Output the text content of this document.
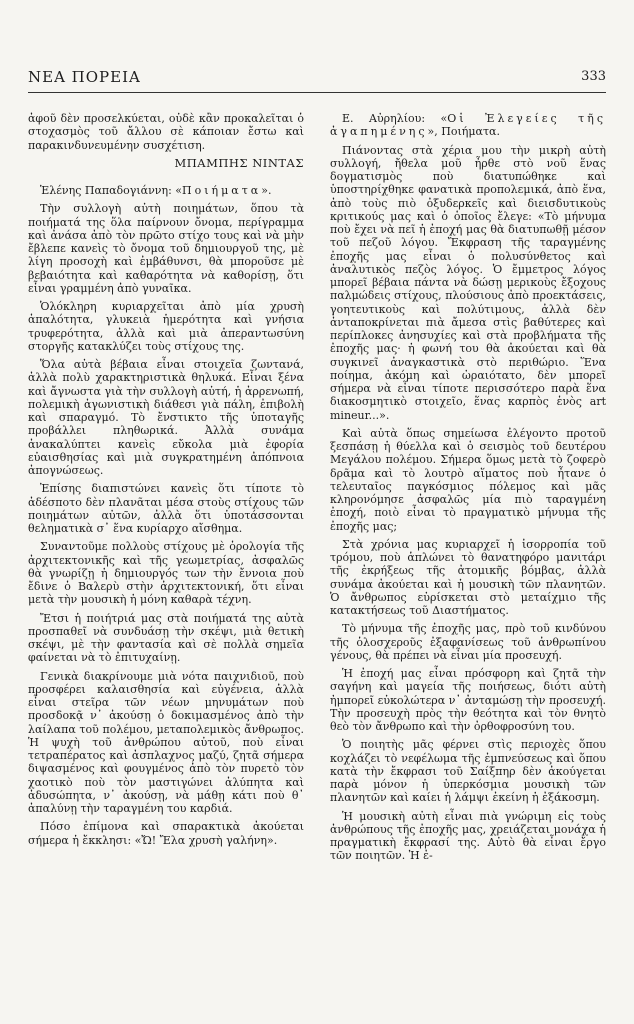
ΝΕΑ ΠΟΡΕΙΑ	333

ἀφοῦ δὲν προσελκύεται, οὐδὲ κἂν προκαλεῖται ὁ στοχασμὸς τοῦ ἄλλου σὲ κάποιαν ἔστω καὶ παρακινδυνευμένην συσχέτιση.

ΜΠΑΜΠΗΣ ΝΙΝΤΑΣ

Ἑλένης Παπαδογιάννη: «Ποιήματα».

Τὴν συλλογὴ αὐτὴ ποιημάτων, ὅπου τὰ ποιήματά της ὅλα παίρνουν ὄνομα, περίγραμμα καὶ ἀνάσα ἀπὸ τὸν πρῶτο στίχο τους καὶ νὰ μὴν ἔβλεπε κανεὶς τὸ ὄνομα τοῦ δημιουργοῦ της, μὲ λίγη προσοχὴ καὶ ἐμβάθυνσι, θὰ μποροῦσε μὲ βεβαιότητα καὶ καθαρότητα νὰ καθορίσῃ, ὅτι εἶναι γραμμένη ἀπὸ γυναῖκα.

Ὁλόκληρη κυριαρχεῖται ἀπὸ μία χρυσὴ ἁπαλότητα, γλυκειὰ ἡμερότητα καὶ γνήσια τρυφερότητα, ἀλλὰ καὶ μιὰ ἀπεραντωσύνη στοργῆς κατακλύζει τοὺς στίχους της.

Ὅλα αὐτὰ βέβαια εἶναι στοιχεῖα ζωντανά, ἀλλὰ πολὺ χαρακτηριστικὰ θηλυκά. Εἶναι ξένα καὶ ἄγνωστα γιὰ τὴν συλλογὴ αὐτή, ἡ ἀρρενωπή, πολεμικὴ ἀγωνιστικὴ διάθεσι γιὰ πάλη, ἐπιβολὴ καὶ σπαραγμό. Τὸ ἔνστικτο τῆς ὑποταγῆς προβάλλει πληθωρικά. Ἀλλὰ συνάμα ἀνακαλύπτει κανεὶς εὔκολα μιὰ ἐφορία εὐαισθησίας καὶ μιὰ συγκρατημένη ἀπόπνοια ἀπογνώσεως.

Ἐπίσης διαπιστώνει κανεὶς ὅτι τίποτε τὸ ἀδέσποτο δὲν πλανᾶται μέσα στοὺς στίχους τῶν ποιημάτων αὐτῶν, ἀλλὰ ὅτι ὑποτάσσονται θεληματικὰ σ᾽ ἕνα κυρίαρχο αἴσθημα.

Συναντοῦμε πολλοὺς στίχους μὲ ὁρολογία τῆς ἀρχιτεκτονικῆς καὶ τῆς γεωμετρίας, ἀσφαλῶς θὰ γνωρίζῃ ἡ δημιουργός των τὴν ἔννοια ποὺ ἔδινε ὁ Βαλερὺ στὴν ἀρχιτεκτονική, ὅτι εἶναι μετὰ τὴν μουσικὴ ἡ μόνη καθαρὰ τέχνη.

Ἔτσι ἡ ποιήτριά μας στὰ ποιήματά της αὐτὰ προσπαθεῖ νὰ συνδυάσῃ τὴν σκέψι, μιὰ θετικὴ σκέψι, μὲ τὴν φαντασία καὶ σὲ πολλὰ σημεῖα φαίνεται νὰ τὸ ἐπιτυχαίνῃ.

Γενικὰ διακρίνουμε μιὰ νότα παιχνιδιοῦ, ποὺ προσφέρει καλαισθησία καὶ εὐγένεια, ἀλλὰ εἶναι στεῖρα τῶν νέων μηνυμάτων ποὺ προσδοκᾷ ν᾽ ἀκούσῃ ὁ δοκιμασμένος ἀπὸ τὴν λαίλαπα τοῦ πολέμου, μεταπολεμικὸς ἄνθρωπος. Ἡ ψυχὴ τοῦ ἀνθρώπου αὐτοῦ, ποὺ εἶναι τετραπέρατος καὶ ἀσπλαχνος μαζύ, ζητᾶ σήμερα διψασμένος καὶ φουγμένος ἀπὸ τὸν πυρετὸ τὸν χαοτικὸ ποὺ τὸν μαστιγώνει ἀλύπητα καὶ ἀδυσώπητα, ν᾽ ἀκούσῃ, νὰ μάθῃ κάτι ποὺ θ᾽ ἀπαλύνῃ τὴν ταραγμένη του καρδιά.

Πόσο ἐπίμονα καὶ σπαρακτικὰ ἀκούεται σήμερα ἡ ἔκκλησι: «Ὤ! Ἔλα χρυσὴ γαλήνη».

Ε. Αὐρηλίου: «Οἱ Ἐλεγείες τῆς ἀγαπημένης», Ποιήματα.

Πιάνοντας στὰ χέρια μου τὴν μικρὴ αὐτὴ συλλογή, ἤθελα μοῦ ἦρθε στὸ νοῦ ἕνας δογματισμὸς ποὺ διατυπώθηκε καὶ ὑποστηρίχθηκε φανατικὰ προπολεμικά, ἀπὸ ἕνα, ἀπὸ τοὺς πιὸ ὀξυδερκεῖς καὶ διεισδυτικοὺς κριτικούς μας καὶ ὁ ὁποῖος ἔλεγε: «Τὸ μήνυμα ποὺ ἔχει νὰ πεῖ ἡ ἐποχή μας θὰ διατυπωθῇ μέσον τοῦ πεζοῦ λόγου. Ἔκφραση τῆς ταραγμένης ἐποχῆς μας εἶναι ὁ πολυσύνθετος καὶ ἀναλυτικὸς πεζὸς λόγος. Ὁ ἔμμετρος λόγος μπορεῖ βέβαια πάντα νὰ δώσῃ μερικοὺς ἔξοχους παλμώδεις στίχους, πλούσιους ἀπὸ προεκτάσεις, γοητευτικοὺς καὶ πολύτιμους, ἀλλὰ δὲν ἀνταποκρίνεται πιὰ ἄμεσα στὶς βαθύτερες καὶ περίπλοκες ἀνησυχίες καὶ στὰ προβλήματα τῆς ἐποχῆς μας· ἡ φωνή του θὰ ἀκούεται καὶ θὰ συγκινεῖ ἀναγκαστικὰ στὸ περιθώριο. Ἕνα ποίημα, ἀκόμη καὶ ὡραιότατο, δὲν μπορεῖ σήμερα νὰ εἶναι τίποτε περισσότερο παρὰ ἕνα διακοσμητικὸ στοιχεῖο, ἕνας καρπὸς ἑνὸς art mineur...».

Καὶ αὐτὰ ὅπως σημείωσα ἐλέγοντο προτοῦ ξεσπάσῃ ἡ θύελλα καὶ ὁ σεισμὸς τοῦ δευτέρου Μεγάλου πολέμου. Σήμερα ὅμως μετὰ τὸ ζοφερὸ δρᾶμα καὶ τὸ λουτρὸ αἵματος ποὺ ἦτανε ὁ τελευταῖος παγκόσμιος πόλεμος καὶ μᾶς κληρονόμησε ἀσφαλῶς μία πιὸ ταραγμένη ἐποχή, ποιὸ εἶναι τὸ πραγματικὸ μήνυμα τῆς ἐποχῆς μας;

Στὰ χρόνια μας κυριαρχεῖ ἡ ἰσορροπία τοῦ τρόμου, ποὺ ἁπλώνει τὸ θανατηφόρο μανιτάρι τῆς ἐκρήξεως τῆς ἀτομικῆς βόμβας, ἀλλὰ συνάμα ἀκούεται καὶ ἡ μουσικὴ τῶν πλανητῶν. Ὁ ἄνθρωπος εὑρίσκεται στὸ μεταίχμιο τῆς κατακτήσεως τοῦ Διαστήματος.

Τὸ μήνυμα τῆς ἐποχῆς μας, πρὸ τοῦ κινδύνου τῆς ὁλοσχεροῦς ἐξαφανίσεως τοῦ ἀνθρωπίνου γένους, θὰ πρέπει νὰ εἶναι μία προσευχή.

Ἡ ἐποχή μας εἶναι πρόσφορη καὶ ζητᾶ τὴν σαγήνη καὶ μαγεία τῆς ποιήσεως, διότι αὐτὴ ἠμπορεῖ εὐκολώτερα ν᾽ ἀνταμώσῃ τὴν προσευχή. Τὴν προσευχὴ πρὸς τὴν θεότητα καὶ τὸν θνητὸ θεὸ τὸν ἄνθρωπο καὶ τὴν ὀρθοφροσύνη του.

Ὁ ποιητὴς μᾶς φέρνει στὶς περιοχὲς ὅπου κοχλάζει τὸ νεφέλωμα τῆς ἐμπνεύσεως καὶ ὅπου κατὰ τὴν ἔκφρασι τοῦ Σαίξπηρ δὲν ἀκούγεται παρὰ μόνον ἡ ὑπερκόσμια μουσικὴ τῶν πλανητῶν καὶ καίει ἡ λάμψι ἐκείνη ἡ ἐξάκοσμη.

Ἡ μουσικὴ αὐτὴ εἶναι πιὰ γνώριμη εἰς τοὺς ἀνθρώπους τῆς ἐποχῆς μας, χρειάζεται μονάχα ἡ πραγματικὴ ἔκφρασί της. Αὐτὸ θὰ εἶναι ἔργο τῶν ποιητῶν. Ἡ ἐ-
